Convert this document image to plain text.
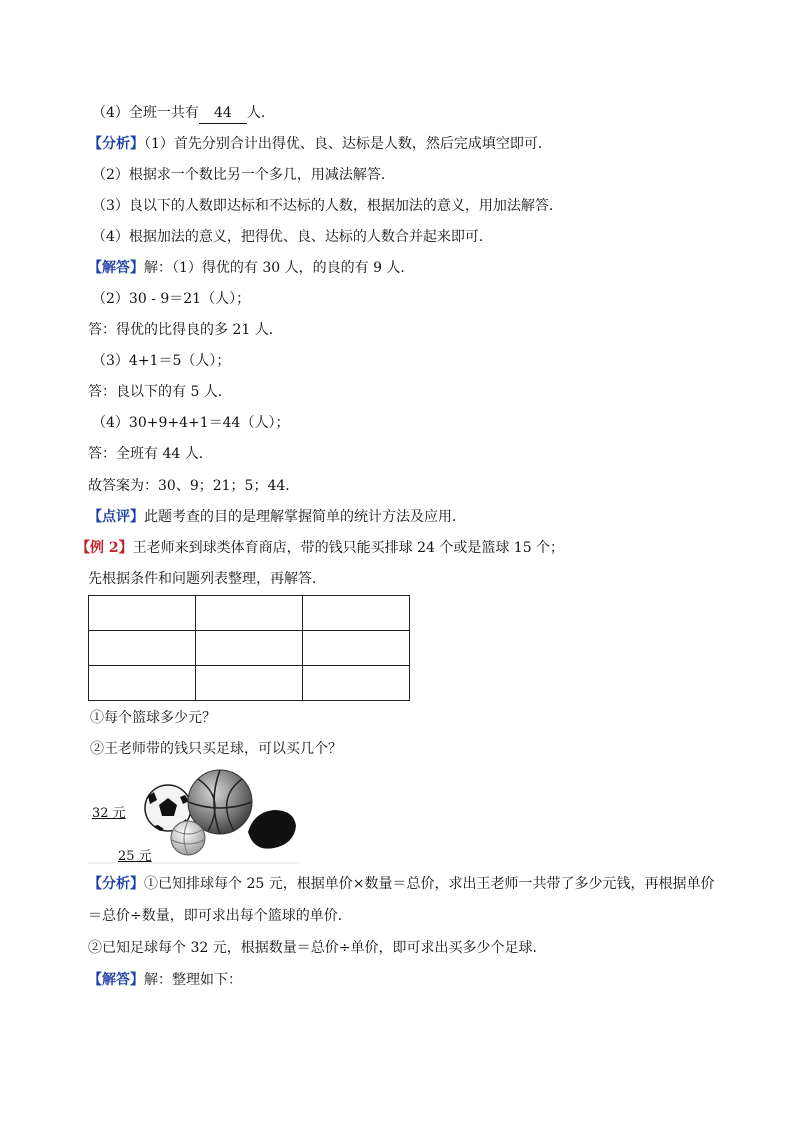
（4）全班一共有 44 人．
【分析】（1）首先分别合计出得优、良、达标是人数，然后完成填空即可．
（2）根据求一个数比另一个多几，用减法解答．
（3）良以下的人数即达标和不达标的人数，根据加法的意义，用加法解答．
（4）根据加法的意义，把得优、良、达标的人数合并起来即可．
【解答】解：（1）得优的有 30 人，的良的有 9 人．
（2）30 - 9＝21（人）；
答：得优的比得良的多 21 人．
（3）4+1＝5（人）；
答：良以下的有 5 人．
（4）30+9+4+1＝44（人）；
答：全班有 44 人．
故答案为：30、9；21；5；44．
【点评】此题考查的目的是理解掌握简单的统计方法及应用．
【例 2】王老师来到球类体育商店，带的钱只能买排球 24 个或是篮球 15 个；
先根据条件和问题列表整理，再解答．

①每个篮球多少元？
②王老师带的钱只买足球，可以买几个？
32 元
25 元
【分析】①已知排球每个 25 元，根据单价×数量＝总价，求出王老师一共带了多少元钱，再根据单价
＝总价÷数量，即可求出每个篮球的单价．
②已知足球每个 32 元，根据数量＝总价÷单价，即可求出买多少个足球．
【解答】解：整理如下：
